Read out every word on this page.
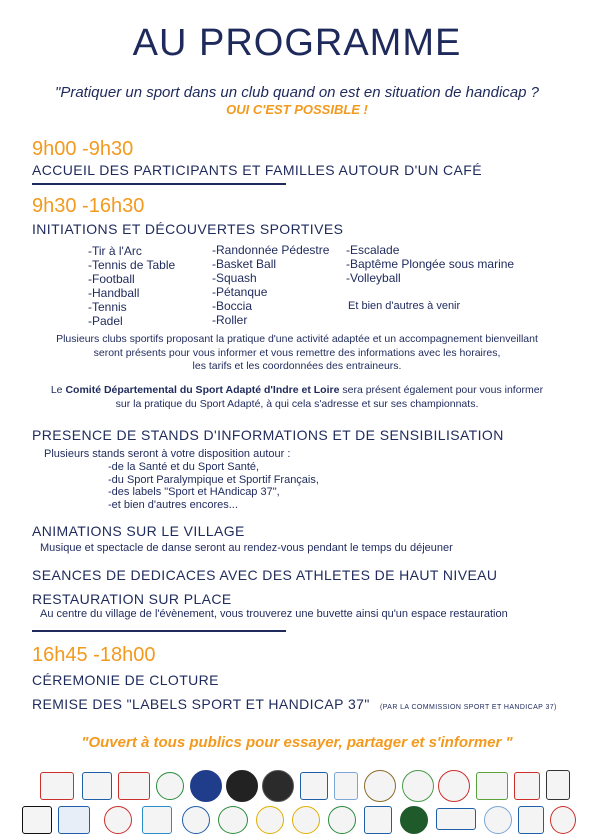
AU PROGRAMME
"Pratiquer un sport dans un club quand on est en situation de handicap ?
OUI C'EST POSSIBLE !
9h00 -9h30
ACCUEIL DES PARTICIPANTS ET FAMILLES AUTOUR D'UN CAFÉ
9h30 -16h30
INITIATIONS ET DÉCOUVERTES SPORTIVES
-Tir à l'Arc
-Tennis de Table
-Football
-Handball
-Tennis
-Padel
-Randonnée Pédestre
-Basket Ball
-Squash
-Pétanque
-Boccia
-Roller
-Escalade
-Baptême Plongée sous marine
-Volleyball
Et bien d'autres à venir
Plusieurs clubs sportifs proposant la pratique d'une activité adaptée et un accompagnement bienveillant
seront présents pour vous informer et vous remettre des informations avec les horaires,
les tarifs et les coordonnées des entraineurs.
Le Comité Départemental du Sport Adapté d'Indre et Loire sera présent également pour vous informer
sur la pratique du Sport Adapté, à qui cela s'adresse et sur ses championnats.
PRESENCE DE STANDS D'INFORMATIONS ET DE SENSIBILISATION
Plusieurs stands seront à votre disposition autour :
-de la Santé et du Sport Santé,
-du Sport Paralympique et Sportif Français,
-des labels "Sport et HAndicap 37",
-et bien d'autres encores...
ANIMATIONS SUR LE VILLAGE
Musique et spectacle de danse seront au rendez-vous pendant le temps du déjeuner
SEANCES DE DEDICACES AVEC DES ATHLETES DE HAUT NIVEAU
RESTAURATION SUR PLACE
Au centre du village de l'évènement, vous trouverez une buvette ainsi qu'un espace restauration
16h45 -18h00
CÉREMONIE DE CLOTURE
REMISE DES "LABELS SPORT ET HANDICAP 37" (PAR LA COMMISSION SPORT ET HANDICAP 37)
"Ouvert à tous publics pour essayer, partager et s'informer "
